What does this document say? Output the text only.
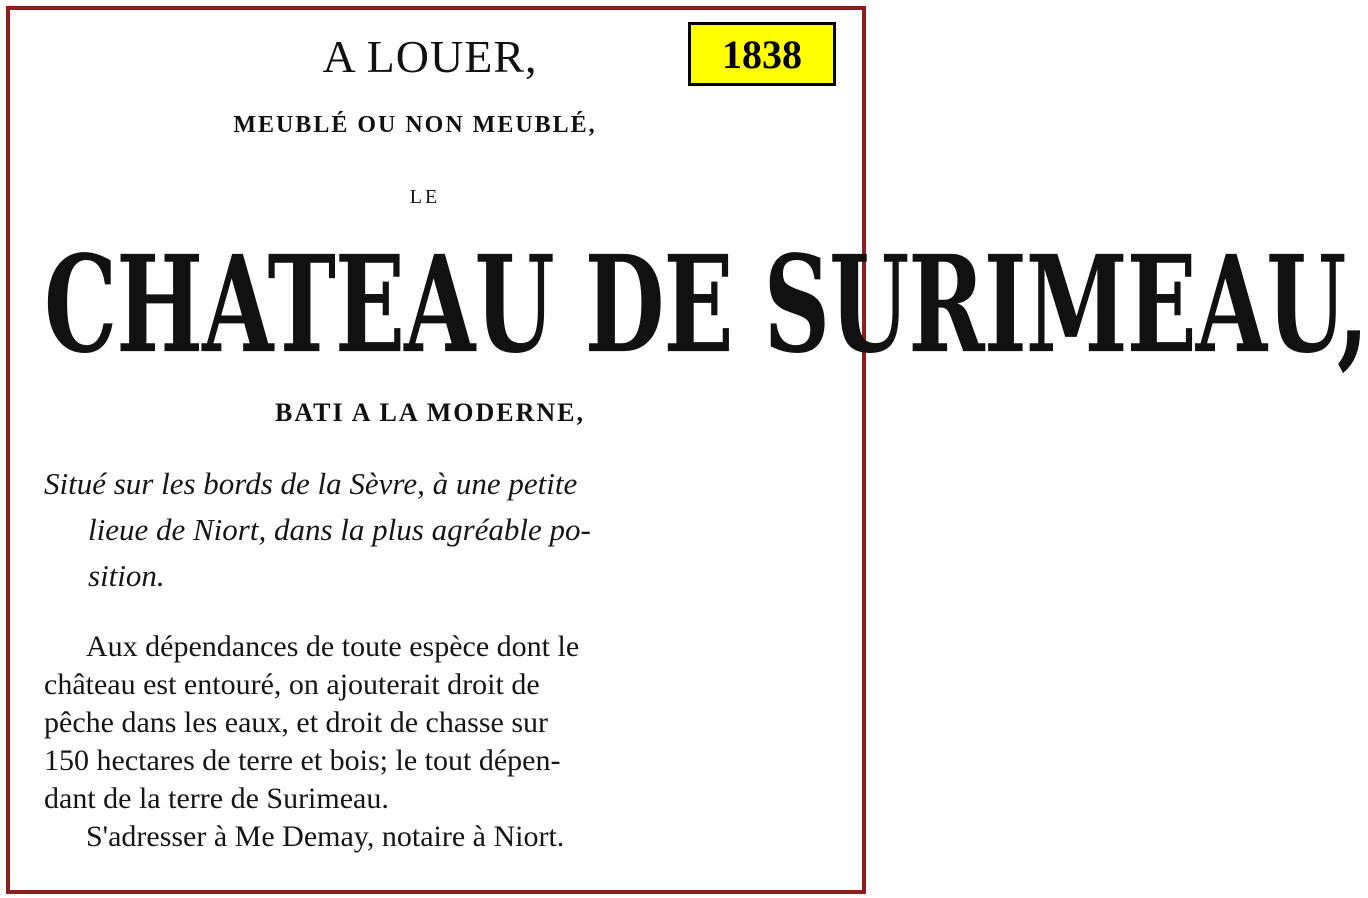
1838
A LOUER,
MEUBLÉ OU NON MEUBLÉ,
LE
CHATEAU DE SURIMEAU,
BATI A LA MODERNE,
Situé sur les bords de la Sèvre, à une petite
lieue de Niort, dans la plus agréable po-
sition.
Aux dépendances de toute espèce dont le
château est entouré, on ajouterait droit de
pêche dans les eaux, et droit de chasse sur
150 hectares de terre et bois; le tout dépen-
dant de la terre de Surimeau.
S'adresser à Me Demay, notaire à Niort.
